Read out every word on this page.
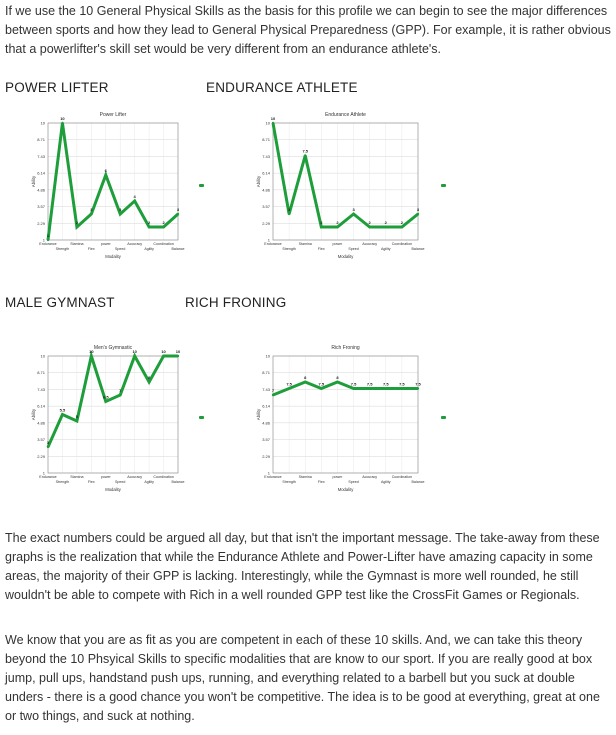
If we use the 10 General Physical Skills as the basis for this profile we can begin to see the major differences between sports and how they lead to General Physical Preparedness (GPP). For example, it is rather obvious that a powerlifter's skill set would be very different from an endurance athlete's.

POWER LIFTER	ENDURANCE ATHLETE
Power Lifter
1
2.29
3.57
4.86
6.14
7.43
8.71
10
Endurance
Strength
Stamina
Flex
power
Speed
Accuracy
Agility
Coordination
Balance
Modality
Ability
1
10
2
3
6
3
4
2	2
3
Endurance Athlete
1
2.29
3.57
4.86
6.14
7.43
8.71
10
Endurance
Strength
Stamina
Flex
power
Speed
Accuracy
Agility
Coordination
Balance
Modality
Ability
10
3
7.5
2	2
3
2	2	2
3
MALE GYMNAST	RICH FRONING
Men's Gymnastic
1
2.29
3.57
4.86
6.14
7.43
8.71
10
Endurance
Strength
Stamina
Flex
power
Speed
Accuracy
Agility
Coordination
Balance
Modality
Ability
3
5.5
5
10
6.5
7
10
8
10 10
Rich Froning
1
2.29
3.57
4.86
6.14
7.43
8.71
10
Endurance
Strength
Stamina
Flex
power
Speed
Accuracy
Agility
Coordination
Balance
Modality
Ability
7
7.5
8
7.5
8
7.5	7.5	7.5	7.5	7.5

The exact numbers could be argued all day, but that isn't the important message. The take-away from these graphs is the realization that while the Endurance Athlete and Power-Lifter have amazing capacity in some areas, the majority of their GPP is lacking. Interestingly, while the Gymnast is more well rounded, he still wouldn't be able to compete with Rich in a well rounded GPP test like the CrossFit Games or Regionals.

We know that you are as fit as you are competent in each of these 10 skills. And, we can take this theory beyond the 10 Phsyical Skills to specific modalities that are know to our sport. If you are really good at box jump, pull ups, handstand push ups, running, and everything related to a barbell but you suck at double unders - there is a good chance you won't be competitive. The idea is to be good at everything, great at one or two things, and suck at nothing.
